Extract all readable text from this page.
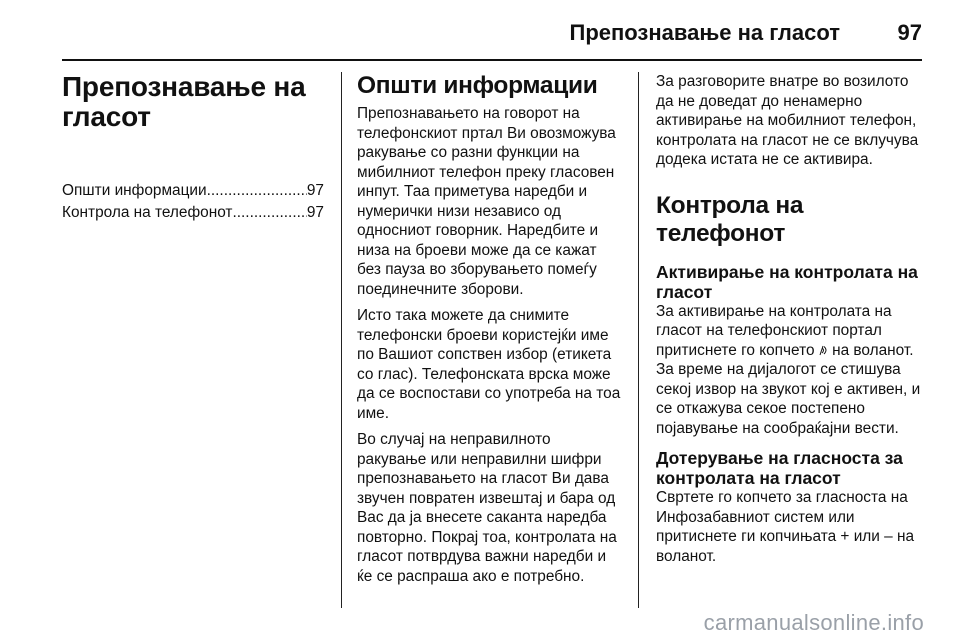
Препознавање на гласот	97
Препознавање на гласот
Општи информации .....	97
Контрола на телефонот .....	97
Општи информации

Препознавањето на говорот на телефонскиот пртал Ви овозможува ракување со разни функции на мибилниот телефон преку гласовен инпут. Таа приметува наредби и нумерички низи независо од односниот говорник. Наредбите и низа на броеви може да се кажат без пауза во зборувањето помеѓу поединечните зборови.

Исто така можете да снимите телефонски броеви користејќи име по Вашиот сопствен избор (етикета со глас). Телефонската врска може да се воспостави со употреба на тоа име.

Во случај на неправилното ракување или неправилни шифри препознавањето на гласот Ви дава звучен повратен извештај и бара од Вас да ја внесете саканта наредба повторно. Покрај тоа, контролата на гласот потврдува важни наредби и ќе се распраша ако е потребно.

За разговорите внатре во возилото да не доведат до ненамерно активирање на мобилниот телефон, контролата на гласот не се вклучува додека истата не се активира.

Контрола на телефонот
Активирање на контролата на гласот

За активирање на контролата на гласот на телефонскиот портал притиснете го копчето на воланот. За време на дијалогот се стишува секој извор на звукот кој е активен, и се откажува секое постепено појавување на сообраќајни вести.

Дотерување на гласноста за контролата на гласот

Свртете го копчето за гласноста на Инфозабавниот систем или притиснете ги копчињата + или – на воланот.

carmanualsonline.info
